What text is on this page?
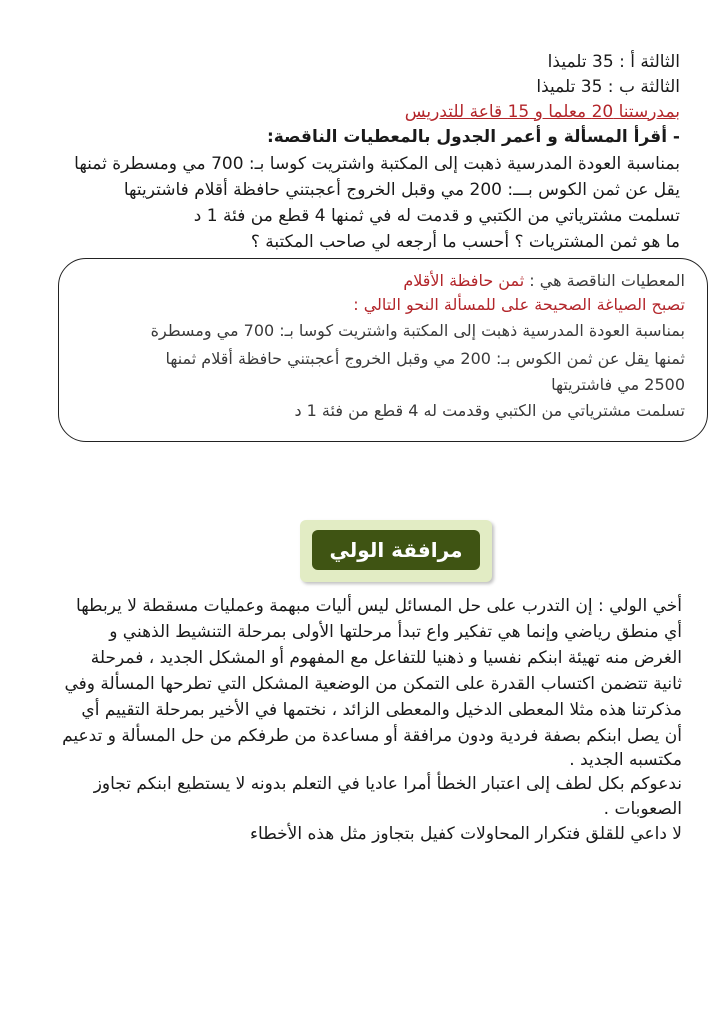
الثالثة أ : 35 تلميذا
الثالثة ب : 35 تلميذا
بمدرستنا 20 معلما و 15 قاعة للتدريس
- أقرأ المسألة و أعمر الجدول بالمعطيات الناقصة:
بمناسبة العودة المدرسية ذهبت إلى المكتبة واشتريت كوسا بـ: 700 مي ومسطرة ثمنها
يقل عن ثمن الكوس بـــ: 200 مي وقبل الخروج أعجبتني حافظة أقلام فاشتريتها
تسلمت مشترياتي من الكتبي و قدمت له في ثمنها 4 قطع من فئة 1 د
ما هو ثمن المشتريات ؟ أحسب ما أرجعه لي صاحب المكتبة ؟
المعطيات الناقصة هي : ثمن حافظة الأقلام
تصبح الصياغة الصحيحة على للمسألة النحو التالي :
بمناسبة العودة المدرسية ذهبت إلى المكتبة واشتريت كوسا بـ: 700 مي ومسطرة
ثمنها يقل عن ثمن الكوس بـ: 200 مي وقبل الخروج أعجبتني حافظة أقلام ثمنها
2500 مي فاشتريتها
تسلمت مشترياتي من الكتبي وقدمت له 4 قطع من فئة 1 د
مرافقة الولي
أخي الولي : إن التدرب على حل المسائل ليس أليات مبهمة وعمليات مسقطة لا يربطها
أي منطق رياضي وإنما هي تفكير واع تبدأ مرحلتها الأولى بمرحلة التنشيط الذهني و
الغرض منه تهيئة ابنكم نفسيا و ذهنيا للتفاعل مع المفهوم أو المشكل الجديد ، فمرحلة
ثانية تتضمن اكتساب القدرة على التمكن من الوضعية المشكل التي تطرحها المسألة وفي
مذكرتنا هذه مثلا المعطى الدخيل والمعطى الزائد ، نختمها في الأخير بمرحلة التقييم أي
أن يصل ابنكم بصفة فردية ودون مرافقة أو مساعدة من طرفكم من حل المسألة و تدعيم
مكتسبه الجديد .
ندعوكم بكل لطف إلى اعتبار الخطأ أمرا عاديا في التعلم بدونه لا يستطيع ابنكم تجاوز
الصعوبات .
لا داعي للقلق فتكرار المحاولات كفيل بتجاوز مثل هذه الأخطاء
